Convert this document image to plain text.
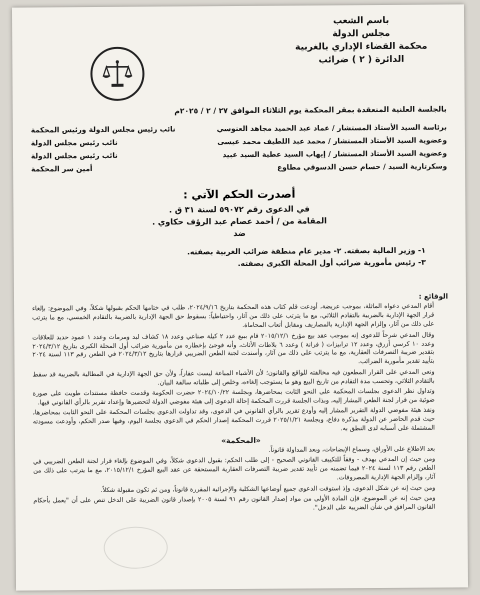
باسم الشعب
مجلس الدولة
محكمة القضاء الإداري بالغربية
الدائرة ( ٢ ) ضرائب
بالجلسة العلنية المنعقدة بمقر المحكمة يوم الثلاثاء الموافق ٢٧ / ٢ / ٢٠٢٥م
برئاسة السيد الأستاذ المستشار / عماد عبد الحميد مجاهد العنوسي
نائب رئيس مجلس الدولة ورئيس المحكمة
وعضوية السيد الأستاذ المستشار / محمد عبد اللطيف محمد عيسى
نائب رئيس مجلس الدولة
وعضوية السيد الأستاذ المستشار / إيهاب السيد عطية السيد عبيد
نائب رئيس مجلس الدولة
وسكرتارية السيد / حسام حسن الدسوقي مطاوع
أمين سر المحكمة
أصدرت الحكم الآتي :
في الدعوى رقم ٥٩٠٧٢ لسنة ٣١ ق .
المقامة من / أحمد عصام عبد الرؤف حكاوي .
ضد
١- وزير المالية بصفته. ٢- مدير عام منطقة ضرائب الغربية بصفته.
٣- رئيس مأمورية ضرائب أول المحلة الكبرى بصفته.

الوقائع :

أقام المدعي دعواه الماثلة، بموجب عريضة، أودعت قلم كتاب هذه المحكمة بتاريخ ٢٠٢٤/٩/١٦، طلب في ختامها الحكم بقبولها شكلاً، وفي الموضوع: بإلغاء قرار الجهة الإدارية بالضريبة بالتقادم الثلاثي، مع ما يترتب على ذلك من آثار، واحتياطياً: بسقوط حق الجهة الإدارية بالضريبة بالتقادم الخمسي، مع ما يترتب على ذلك من آثار، وإلزام الجهة الإدارية بالمصاريف ومقابل أتعاب المحاماة.

وقال المدعي شرحاً للدعوى إنه بموجب عقد بيع مؤرخ ٢٠١٥/١٢/١ قام ببيع عدد ٢ كيلة صناعي وعدد ١٨ كشاف لبد ومرمات وعدد ١ عمود حديد للعلاقات وعدد ١٠ كرسي أزرق، وعدد ١٢ ترابيزات ( فرانة ) وعدد ٦ بلاطات الأثاث، وأنه فوجئ بإخطاره من مأمورية ضرائب أول المحلة الكبرى بتاريخ ٢٠٢٤/٣/١٢ بتقدير ضريبة التصرفات العقارية، مع ما يترتب على ذلك من آثار، وأسندت لجنة الطعن الضريبي قرارها بتاريخ ٢٠٢٤/٣/١٢ في الطعن رقم ١١٣ لسنة ٢٠٢٤ بتأييد تقدير مأمورية الضرائب.

ونعى المدعي على القرار المطعون فيه مخالفته للواقع والقانون؛ لأن الأشياء المباعة ليست عقاراً، ولأن حق الجهة الإدارية في المطالبة بالضريبة قد سقط بالتقادم الثلاثي، وتحسب مدة التقادم من تاريخ البيع وهو ما يستوجب إلغاءه، وخلص إلى طلباته سالفة البيان.

وتداول نظر الدعوى بجلسات المحكمة على النحو الثابت بمحاضرها، وبجلسة ٢٠٢٤/١٠/٢٢ حضرت الحكومة وقدمت حافظة مستندات طويت على صورة ضوئية من قرار لجنة الطعن المشار إليه، وبذات الجلسة قررت المحكمة إحالة الدعوى إلى هيئة مفوضي الدولة لتحضيرها وإعداد تقرير بالرأي القانوني فيها.

ونفذ هيئة مفوضي الدولة التقرير المشار إليه وأودع تقرير بالرأي القانوني في الدعوى، وقد تداولت الدعوى بجلسات المحكمة على النحو الثابت بمحاضرها، حيث قدم الحاضر عن الدولة مذكرة دفاع، وبجلسة ٢٠٢٥/١/٢١ قررت المحكمة إصدار الحكم في الدعوى بجلسة اليوم، وفيها صدر الحكم، وأودعت مسودته المشتملة على أسبابه لدى النطق به.

«المحكمة»

بعد الاطلاع على الأوراق، وسماع الإيضاحات، وبعد المداولة قانوناً.

ومن حيث إن المدعي يهدف - وفقاً للتكييف القانوني الصحيح - إلى طلب الحكم: بقبول الدعوى شكلاً، وفي الموضوع بإلغاء قرار لجنة الطعن الضريبي في الطعن رقم ١١٣ لسنة ٢٠٢٤ فيما تضمنه من تأييد تقدير ضريبة التصرفات العقارية المستحقة عن عقد البيع المؤرخ ٢٠١٥/١٢/١، مع ما يترتب على ذلك من آثار، وإلزام الجهة الإدارية المصروفات.

ومن حيث إنه عن شكل الدعوى، وإذ استوفت الدعوى جميع أوضاعها الشكلية والإجرائية المقررة قانوناً، ومن ثم تكون مقبولة شكلاً.

ومن حيث إنه عن الموضوع، فإن المادة الأولى من مواد إصدار القانون رقم ٩١ لسنة ٢٠٠٥ بإصدار قانون الضريبة على الدخل تنص على أن "يعمل بأحكام القانون المرافق في شأن الضريبة على الدخل".
